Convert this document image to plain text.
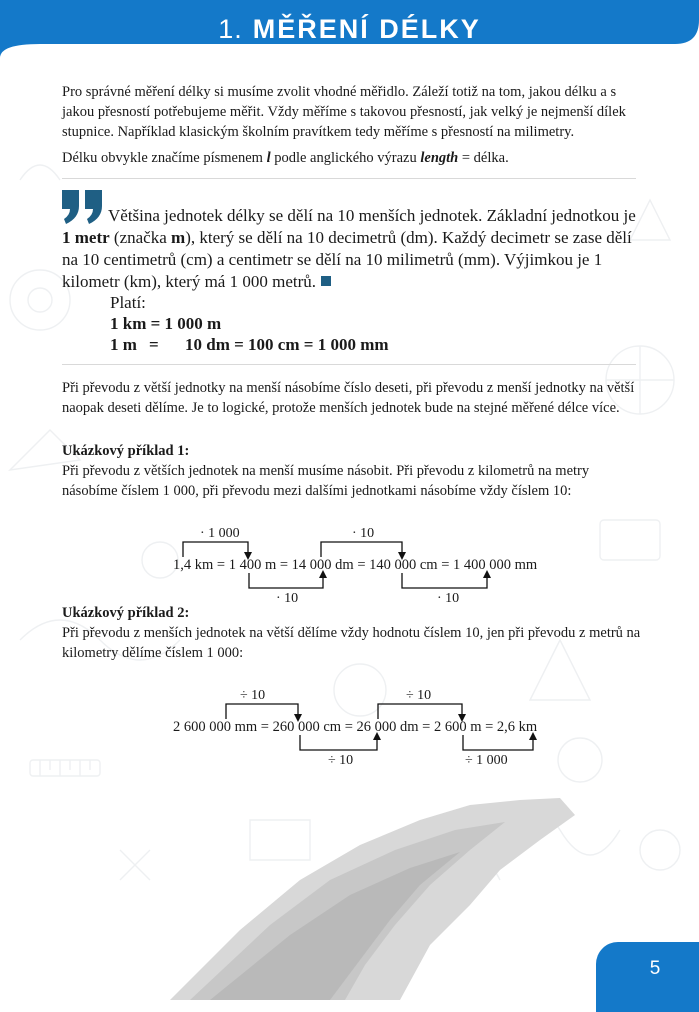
1. MĚŘENÍ DÉLKY

Pro správné měření délky si musíme zvolit vhodné měřidlo. Záleží totiž na tom, jakou délku a s jakou přesností potřebujeme měřit. Vždy měříme s takovou přesností, jak velký je nejmenší dílek stupnice. Například klasickým školním pravítkem tedy měříme s přesností na milimetry.

Délku obvykle značíme písmenem l podle anglického výrazu length = délka.

Většina jednotek délky se dělí na 10 menších jednotek. Základní jednotkou je 1 metr (značka m), který se dělí na 10 decimetrů (dm). Každý decimetr se zase dělí na 10 centimetrů (cm) a centimetr se dělí na 10 milimetrů (mm). Výjimkou je 1 kilometr (km), který má 1 000 metrů.
Platí:
1 km = 1 000 m
1 m = 10 dm = 100 cm = 1 000 mm

Při převodu z větší jednotky na menší násobíme číslo deseti, při převodu z menší jednotky na větší naopak deseti dělíme. Je to logické, protože menších jednotek bude na stejné měřené délce více.

Ukázkový příklad 1:

Při převodu z větších jednotek na menší musíme násobit. Při převodu z kilometrů na metry násobíme číslem 1 000, při převodu mezi dalšími jednotkami násobíme vždy číslem 10:

· 1 000	· 10
1,4 km = 1 400 m = 14 000 dm = 140 000 cm = 1 400 000 mm
· 10	· 10

Ukázkový příklad 2:

Při převodu z menších jednotek na větší dělíme vždy hodnotu číslem 10, jen při převodu z metrů na kilometry dělíme číslem 1 000:

÷ 10	÷ 10
2 600 000 mm = 260 000 cm = 26 000 dm = 2 600 m = 2,6 km
÷ 10	÷ 1 000
5
